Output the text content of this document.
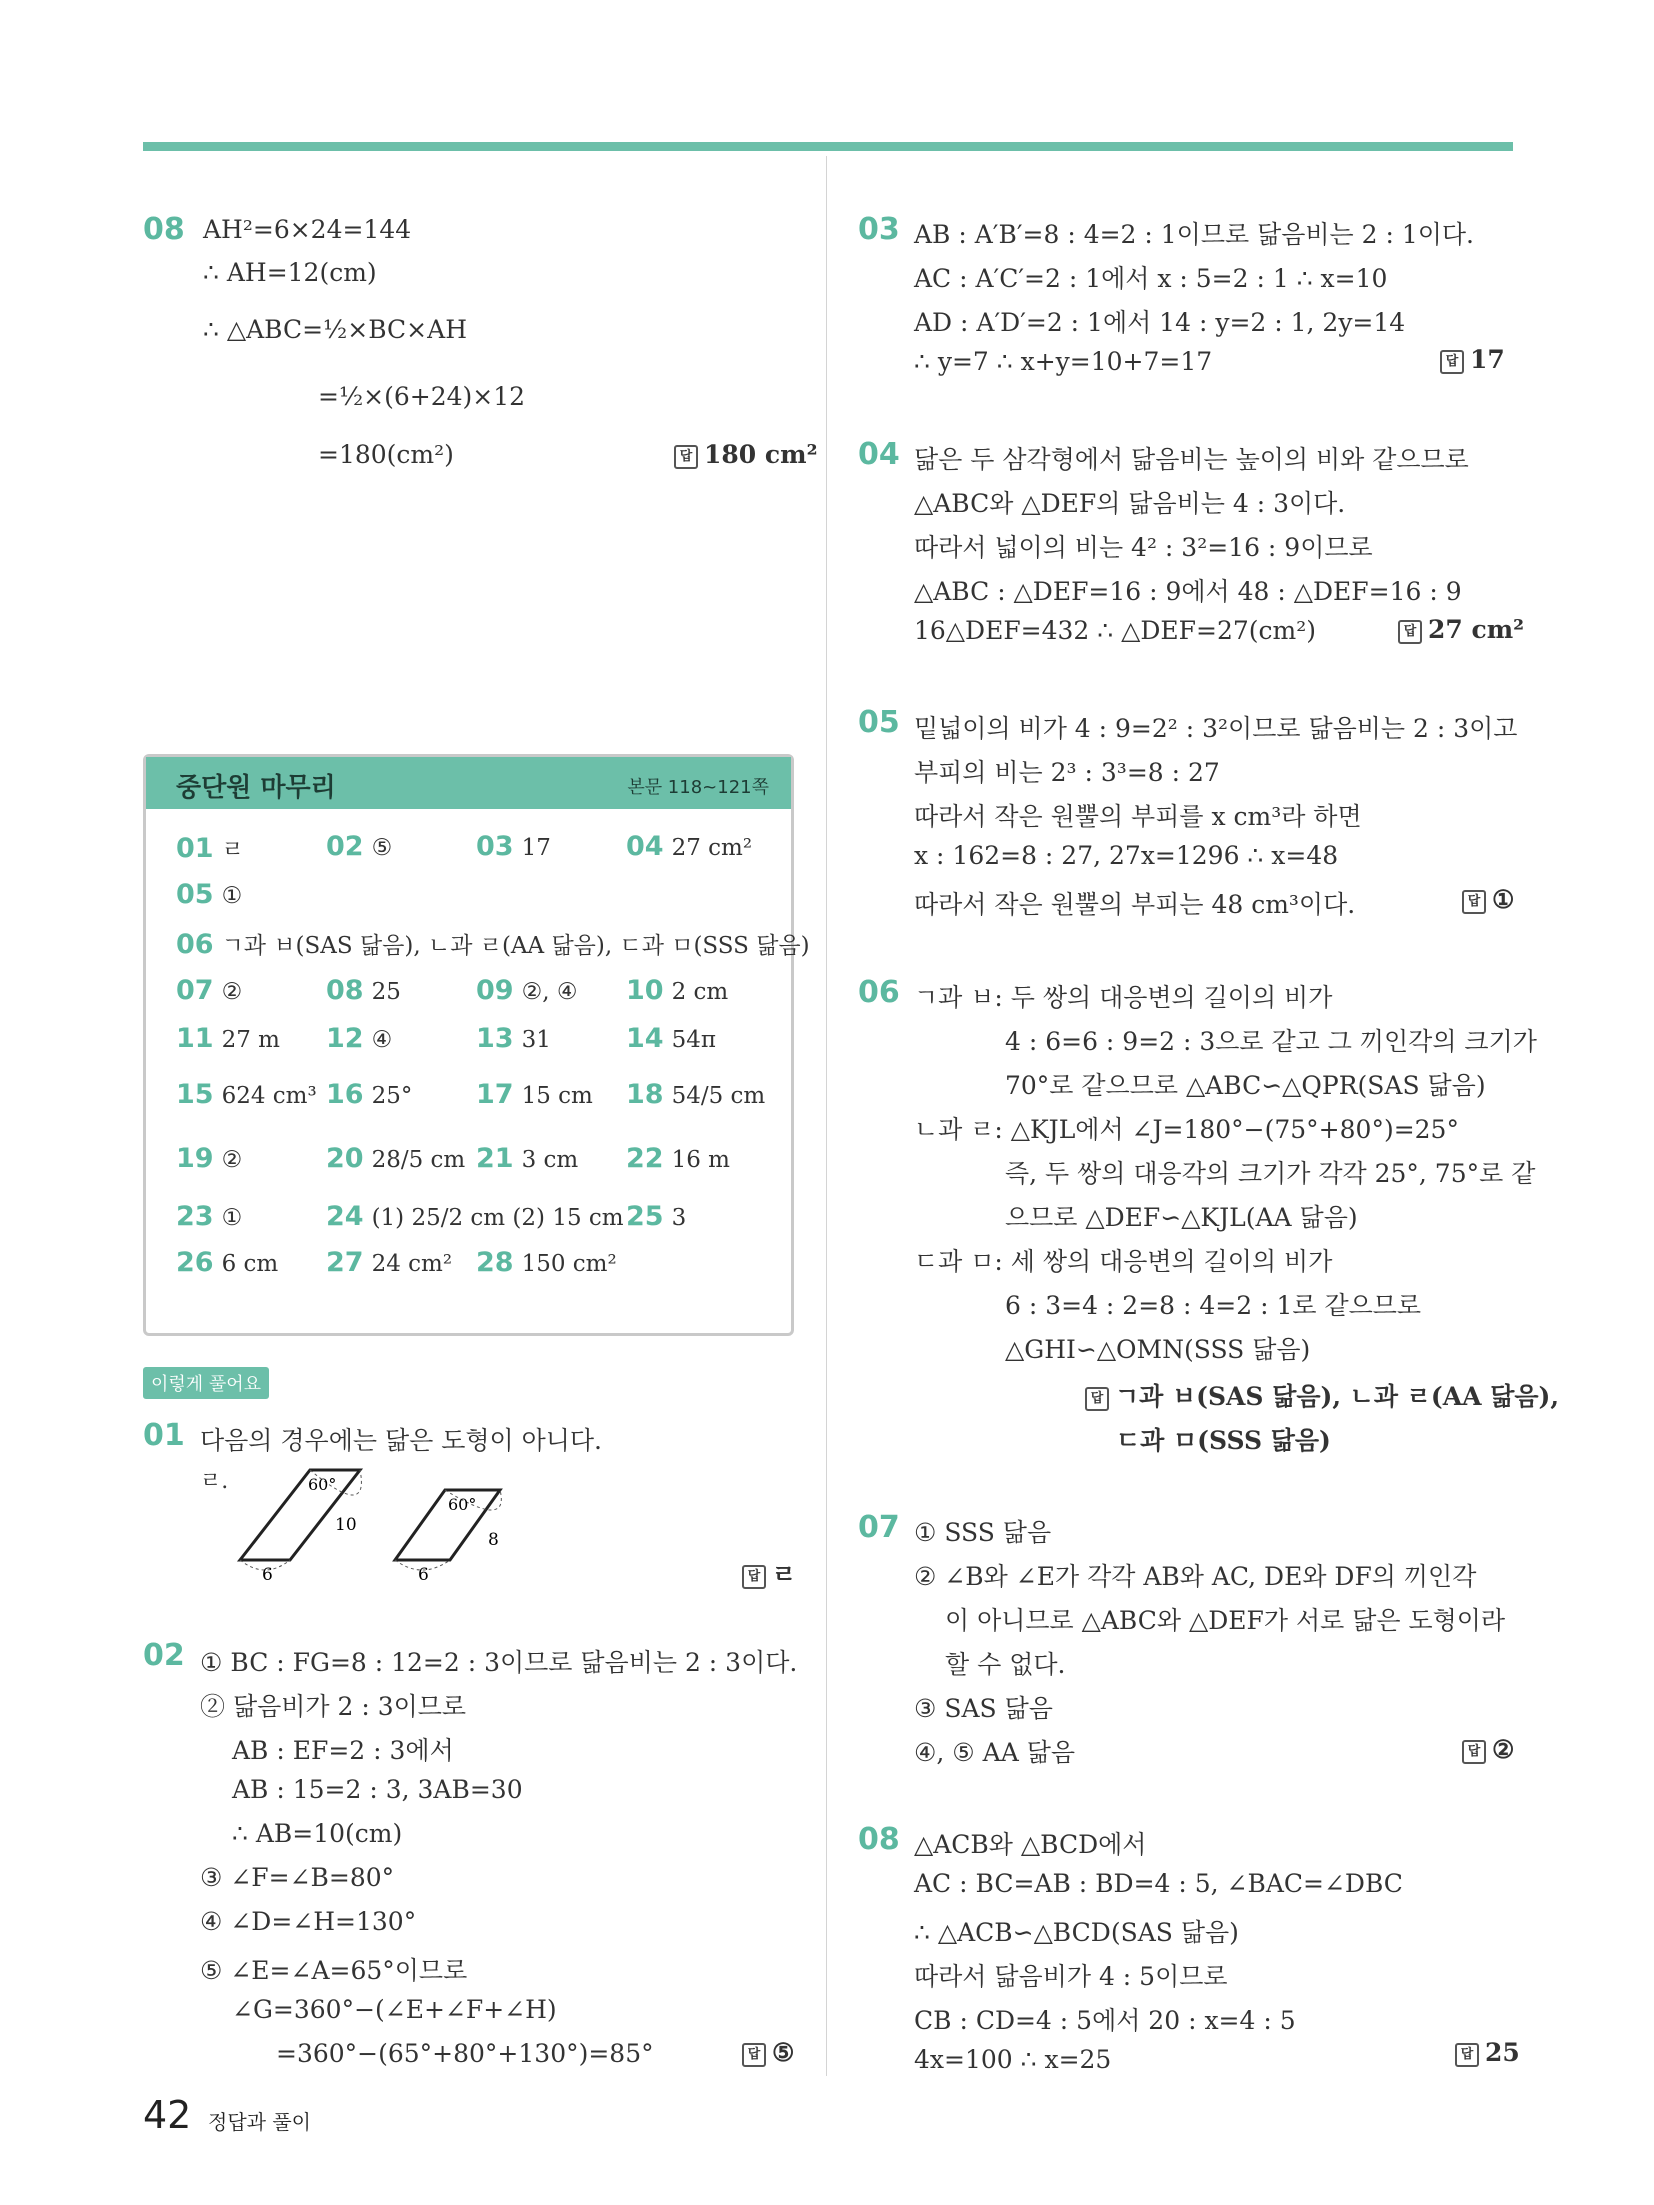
08 AH²=6×24=144
∴ AH=12(cm)
∴ △ABC=½×BC×AH
=½×(6+24)×12
=180(cm²)	답 180 cm²
중단원 마무리	본문 118~121쪽
01 ㄹ	02 ⑤	03 17	04 27 cm²
05 ①
06 ㄱ과 ㅂ(SAS 닮음), ㄴ과 ㄹ(AA 닮음), ㄷ과 ㅁ(SSS 닮음)
07 ②	08 25	09 ②, ④ 10 2 cm
11 27 m 12 ④	13 31	14 54π
15 624 cm³ 16 25° 17 15 cm 18 54/5 cm
19 ②	20 28/5 cm 21 3 cm 22 16 m
23 ①	24 (1) 25/2 cm (2) 15 cm 25 3
26 6 cm 27 24 cm² 28 150 cm²
이렇게 풀어요
01 다음의 경우에는 닮은 도형이 아니다.
ㄹ.	60°
10
6
60°
8
6	답 ㄹ
02 ① BC : FG=8 : 12=2 : 3이므로 닮음비는 2 : 3이다.
② 닮음비가 2 : 3이므로
AB : EF=2 : 3에서
AB : 15=2 : 3, 3AB=30
∴ AB=10(cm)
③ ∠F=∠B=80°
④ ∠D=∠H=130°
⑤ ∠E=∠A=65°이므로
∠G=360°−(∠E+∠F+∠H)
=360°−(65°+80°+130°)=85°	답 ⑤
03 AB : A′B′=8 : 4=2 : 1이므로 닮음비는 2 : 1이다.
AC : A′C′=2 : 1에서 x : 5=2 : 1 ∴ x=10
AD : A′D′=2 : 1에서 14 : y=2 : 1, 2y=14
∴ y=7 ∴ x+y=10+7=17	답 17
04 닮은 두 삼각형에서 닮음비는 높이의 비와 같으므로
△ABC와 △DEF의 닮음비는 4 : 3이다.
따라서 넓이의 비는 4² : 3²=16 : 9이므로
△ABC : △DEF=16 : 9에서 48 : △DEF=16 : 9
16△DEF=432 ∴ △DEF=27(cm²)	답 27 cm²
05 밑넓이의 비가 4 : 9=2² : 3²이므로 닮음비는 2 : 3이고
부피의 비는 2³ : 3³=8 : 27
따라서 작은 원뿔의 부피를 x cm³라 하면
x : 162=8 : 27, 27x=1296 ∴ x=48
따라서 작은 원뿔의 부피는 48 cm³이다.	답 ①
06 ㄱ과 ㅂ: 두 쌍의 대응변의 길이의 비가
4 : 6=6 : 9=2 : 3으로 같고 그 끼인각의 크기가
70°로 같으므로 △ABC∽△QPR(SAS 닮음)
ㄴ과 ㄹ: △KJL에서 ∠J=180°−(75°+80°)=25°
즉, 두 쌍의 대응각의 크기가 각각 25°, 75°로 같
으므로 △DEF∽△KJL(AA 닮음)
ㄷ과 ㅁ: 세 쌍의 대응변의 길이의 비가
6 : 3=4 : 2=8 : 4=2 : 1로 같으므로
△GHI∽△OMN(SSS 닮음)
답 ㄱ과 ㅂ(SAS 닮음), ㄴ과 ㄹ(AA 닮음),
ㄷ과 ㅁ(SSS 닮음)
07 ① SSS 닮음
② ∠B와 ∠E가 각각 AB와 AC, DE와 DF의 끼인각
이 아니므로 △ABC와 △DEF가 서로 닮은 도형이라
할 수 없다.
③ SAS 닮음
④, ⑤ AA 닮음	답 ②
08 △ACB와 △BCD에서
AC : BC=AB : BD=4 : 5, ∠BAC=∠DBC
∴ △ACB∽△BCD(SAS 닮음)
따라서 닮음비가 4 : 5이므로
CB : CD=4 : 5에서 20 : x=4 : 5
4x=100 ∴ x=25	답 25
42 정답과 풀이
